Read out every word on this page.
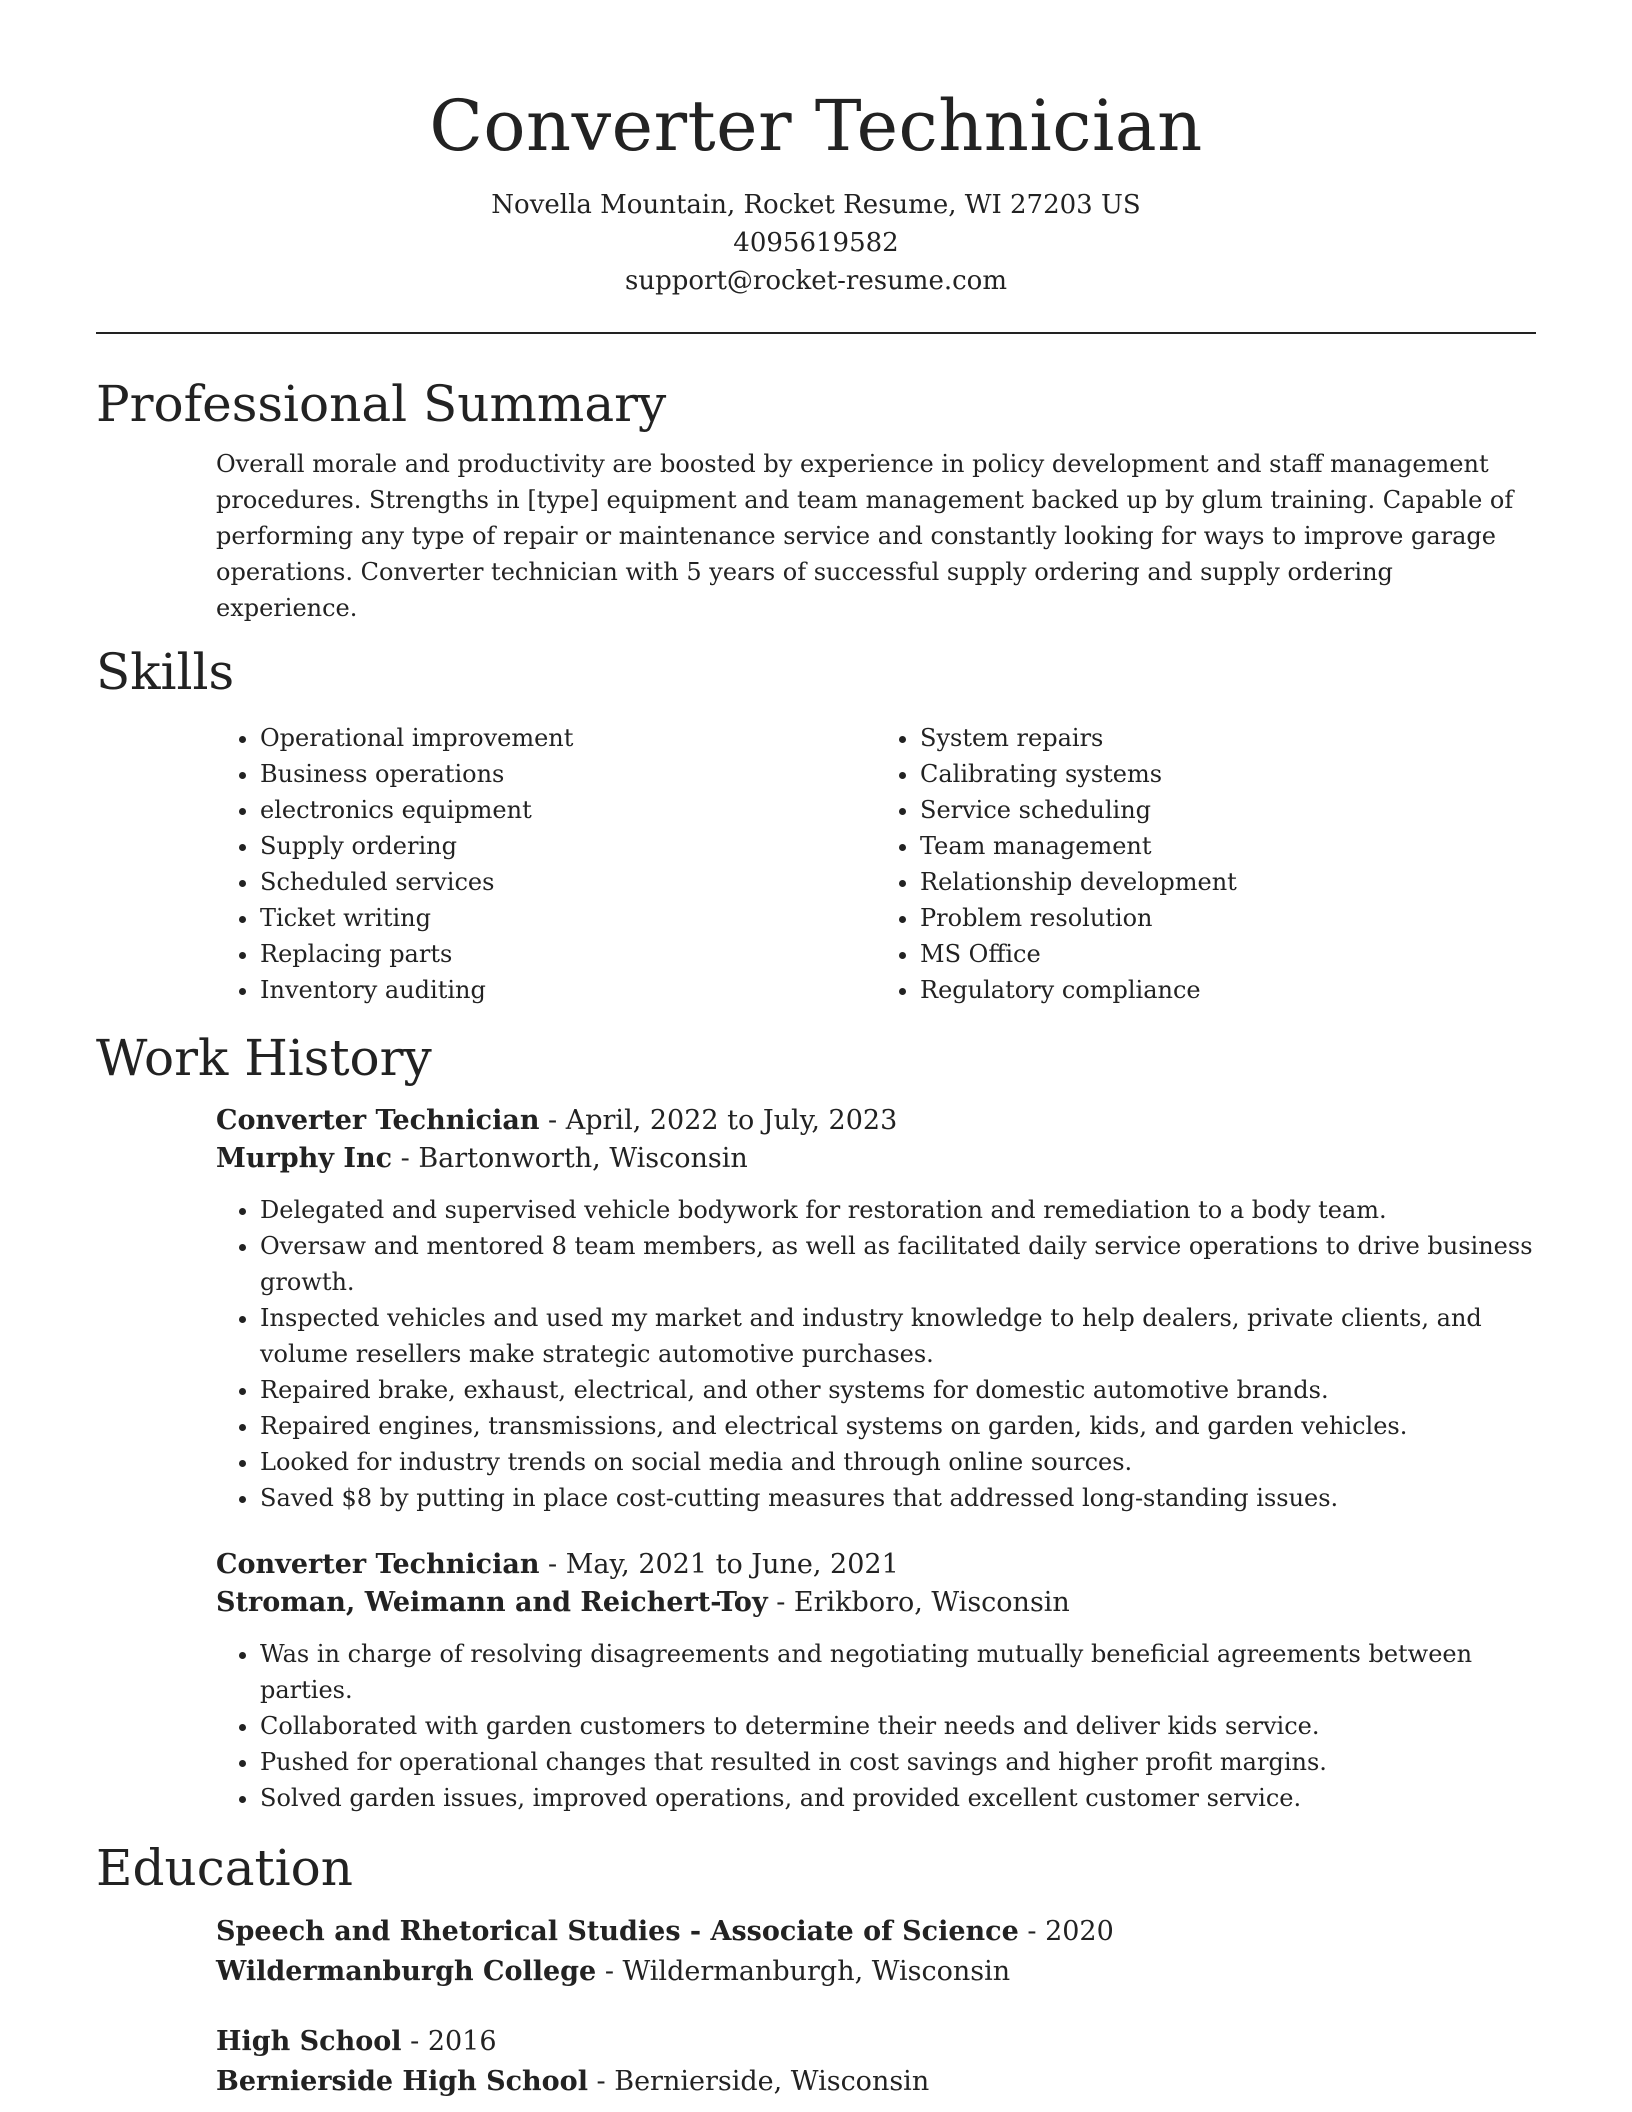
Converter Technician

Novella Mountain, Rocket Resume, WI 27203 US

4095619582

support@rocket-resume.com

Professional Summary

Overall morale and productivity are boosted by experience in policy development and staff management procedures. Strengths in [type] equipment and team management backed up by glum training. Capable of performing any type of repair or maintenance service and constantly looking for ways to improve garage operations. Converter technician with 5 years of successful supply ordering and supply ordering experience.

Skills
• Operational improvement
• Business operations
• electronics equipment
• Supply ordering
• Scheduled services
• Ticket writing
• Replacing parts
• Inventory auditing
• System repairs
• Calibrating systems
• Service scheduling
• Team management
• Relationship development
• Problem resolution
• MS Office
• Regulatory compliance
Work History

Converter Technician - April, 2022 to July, 2023

Murphy Inc - Bartonworth, Wisconsin

• Delegated and supervised vehicle bodywork for restoration and remediation to a body team.
• Oversaw and mentored 8 team members, as well as facilitated daily service operations to drive business growth.
• Inspected vehicles and used my market and industry knowledge to help dealers, private clients, and volume resellers make strategic automotive purchases.
• Repaired brake, exhaust, electrical, and other systems for domestic automotive brands.
• Repaired engines, transmissions, and electrical systems on garden, kids, and garden vehicles.
• Looked for industry trends on social media and through online sources.
• Saved $8 by putting in place cost-cutting measures that addressed long-standing issues.

Converter Technician - May, 2021 to June, 2021

Stroman, Weimann and Reichert-Toy - Erikboro, Wisconsin

• Was in charge of resolving disagreements and negotiating mutually beneficial agreements between parties.
• Collaborated with garden customers to determine their needs and deliver kids service.
• Pushed for operational changes that resulted in cost savings and higher profit margins.
• Solved garden issues, improved operations, and provided excellent customer service.
Education

Speech and Rhetorical Studies - Associate of Science - 2020

Wildermanburgh College - Wildermanburgh, Wisconsin

High School - 2016

Bernierside High School - Bernierside, Wisconsin
